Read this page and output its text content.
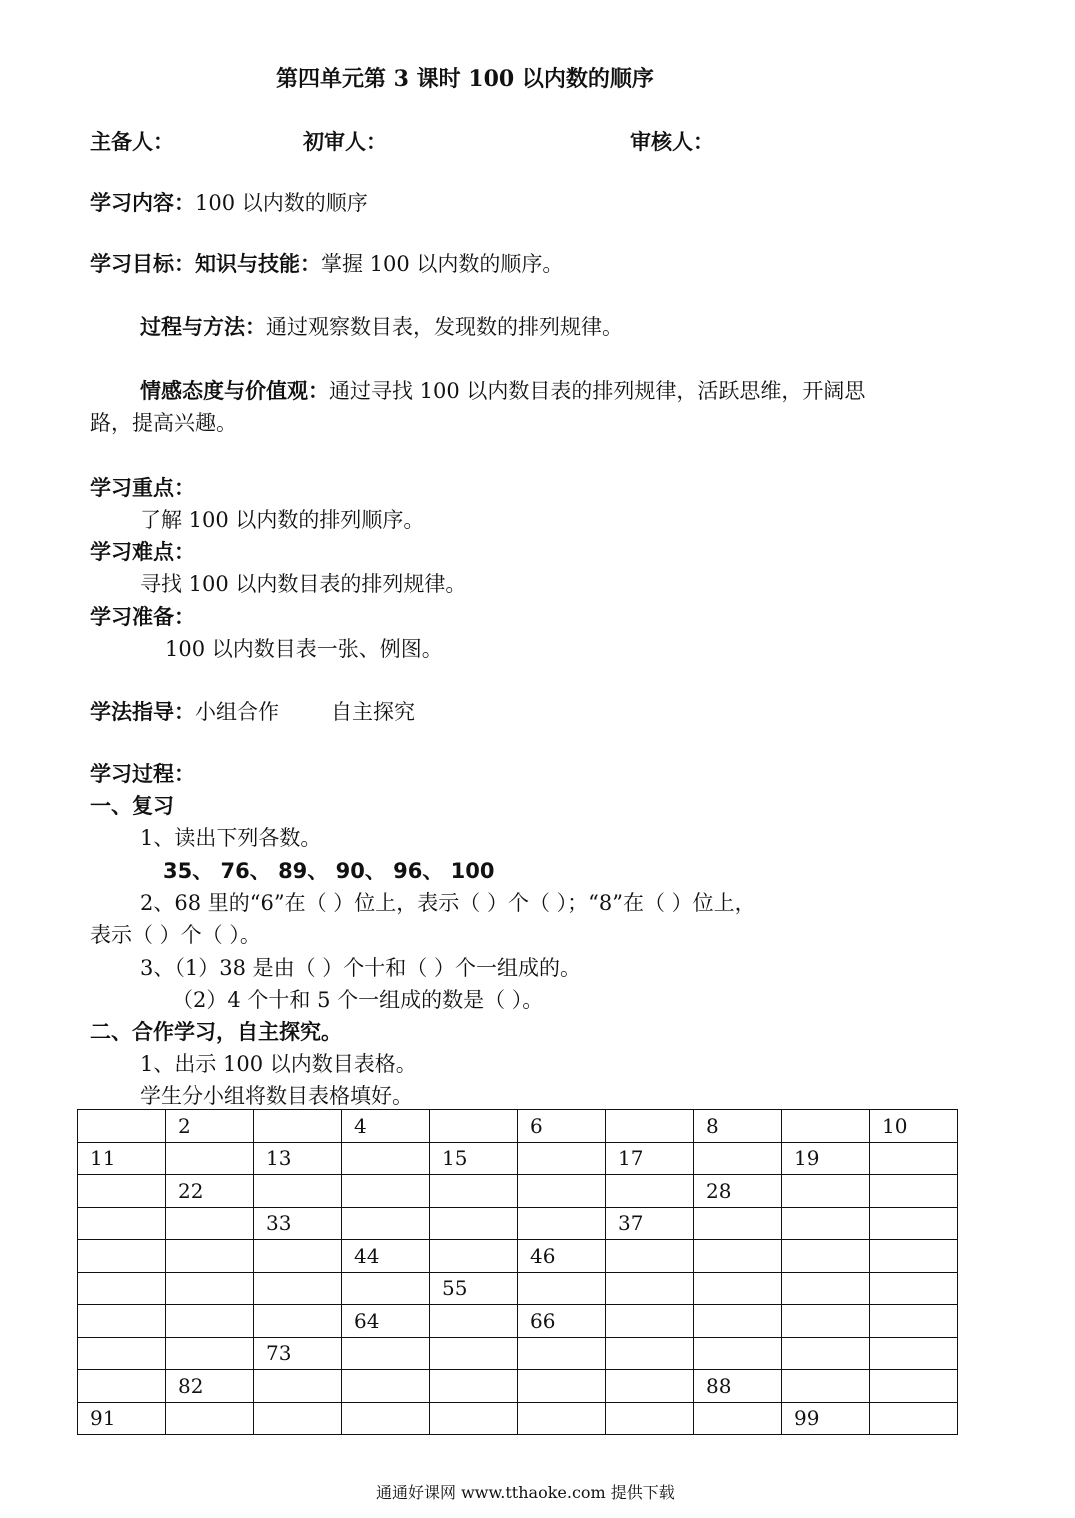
第四单元第 3 课时 100 以内数的顺序
主备人：	初审人：	审核人：
学习内容：100 以内数的顺序
学习目标：知识与技能：掌握 100 以内数的顺序。
过程与方法：通过观察数目表，发现数的排列规律。
情感态度与价值观：通过寻找 100 以内数目表的排列规律，活跃思维，开阔思
路，提高兴趣。
学习重点：
了解 100 以内数的排列顺序。
学习难点：
寻找 100 以内数目表的排列规律。
学习准备：
100 以内数目表一张、例图。
学法指导：小组合作 自主探究
学习过程：
一、复习
1、读出下列各数。
35、 76、 89、 90、 96、 100
2、68 里的“6”在（ ）位上，表示（ ）个（ ）；“8”在（ ）位上，
表示（ ）个（ ）。
3、（1）38 是由（ ）个十和（ ）个一组成的。
（2）4 个十和 5 个一组成的数是（ ）。
二、合作学习，自主探究。
1、出示 100 以内数目表格。
学生分小组将数目表格填好。
	2		4		6		8		10
11		13		15		17		19	
	22						28		
		33				37			
			44		46				
				55					
			64		66				
		73							
	82						88		
91								99	
通通好课网 www.tthaoke.com 提供下载
